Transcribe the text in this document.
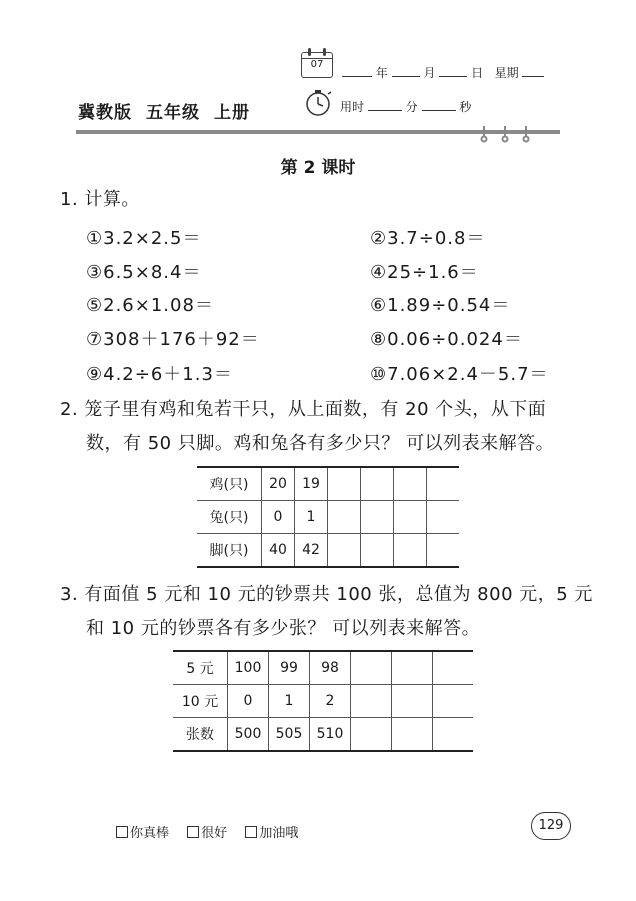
冀教版 五年级 上册
07
年	月	日 星期
用时	分	秒
第 2 课时
1. 计算。
①3.2×2.5＝	②3.7÷0.8＝
③6.5×8.4＝	④25÷1.6＝
⑤2.6×1.08＝	⑥1.89÷0.54＝
⑦308＋176＋92＝	⑧0.06÷0.024＝
⑨4.2÷6＋1.3＝	⑩7.06×2.4－5.7＝
2. 笼子里有鸡和兔若干只，从上面数，有 20 个头，从下面
数，有 50 只脚。鸡和兔各有多少只？ 可以列表来解答。
鸡(只)	20	19				
兔(只)	0	1				
脚(只)	40	42				
3. 有面值 5 元和 10 元的钞票共 100 张，总值为 800 元，5 元
和 10 元的钞票各有多少张？ 可以列表来解答。
5 元	100	99	98			
10 元	0	1	2			
张数	500	505	510			
你真棒 很好 加油哦
129
